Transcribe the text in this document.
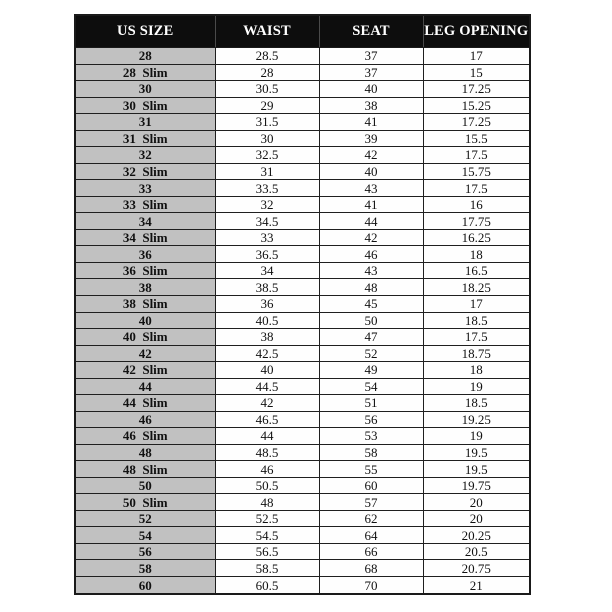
US SIZE	WAIST	SEAT	LEG OPENING
28	28.5	37	17
28  Slim	28	37	15
30	30.5	40	17.25
30  Slim	29	38	15.25
31	31.5	41	17.25
31  Slim	30	39	15.5
32	32.5	42	17.5
32  Slim	31	40	15.75
33	33.5	43	17.5
33  Slim	32	41	16
34	34.5	44	17.75
34  Slim	33	42	16.25
36	36.5	46	18
36  Slim	34	43	16.5
38	38.5	48	18.25
38  Slim	36	45	17
40	40.5	50	18.5
40  Slim	38	47	17.5
42	42.5	52	18.75
42  Slim	40	49	18
44	44.5	54	19
44  Slim	42	51	18.5
46	46.5	56	19.25
46  Slim	44	53	19
48	48.5	58	19.5
48  Slim	46	55	19.5
50	50.5	60	19.75
50  Slim	48	57	20
52	52.5	62	20
54	54.5	64	20.25
56	56.5	66	20.5
58	58.5	68	20.75
60	60.5	70	21
